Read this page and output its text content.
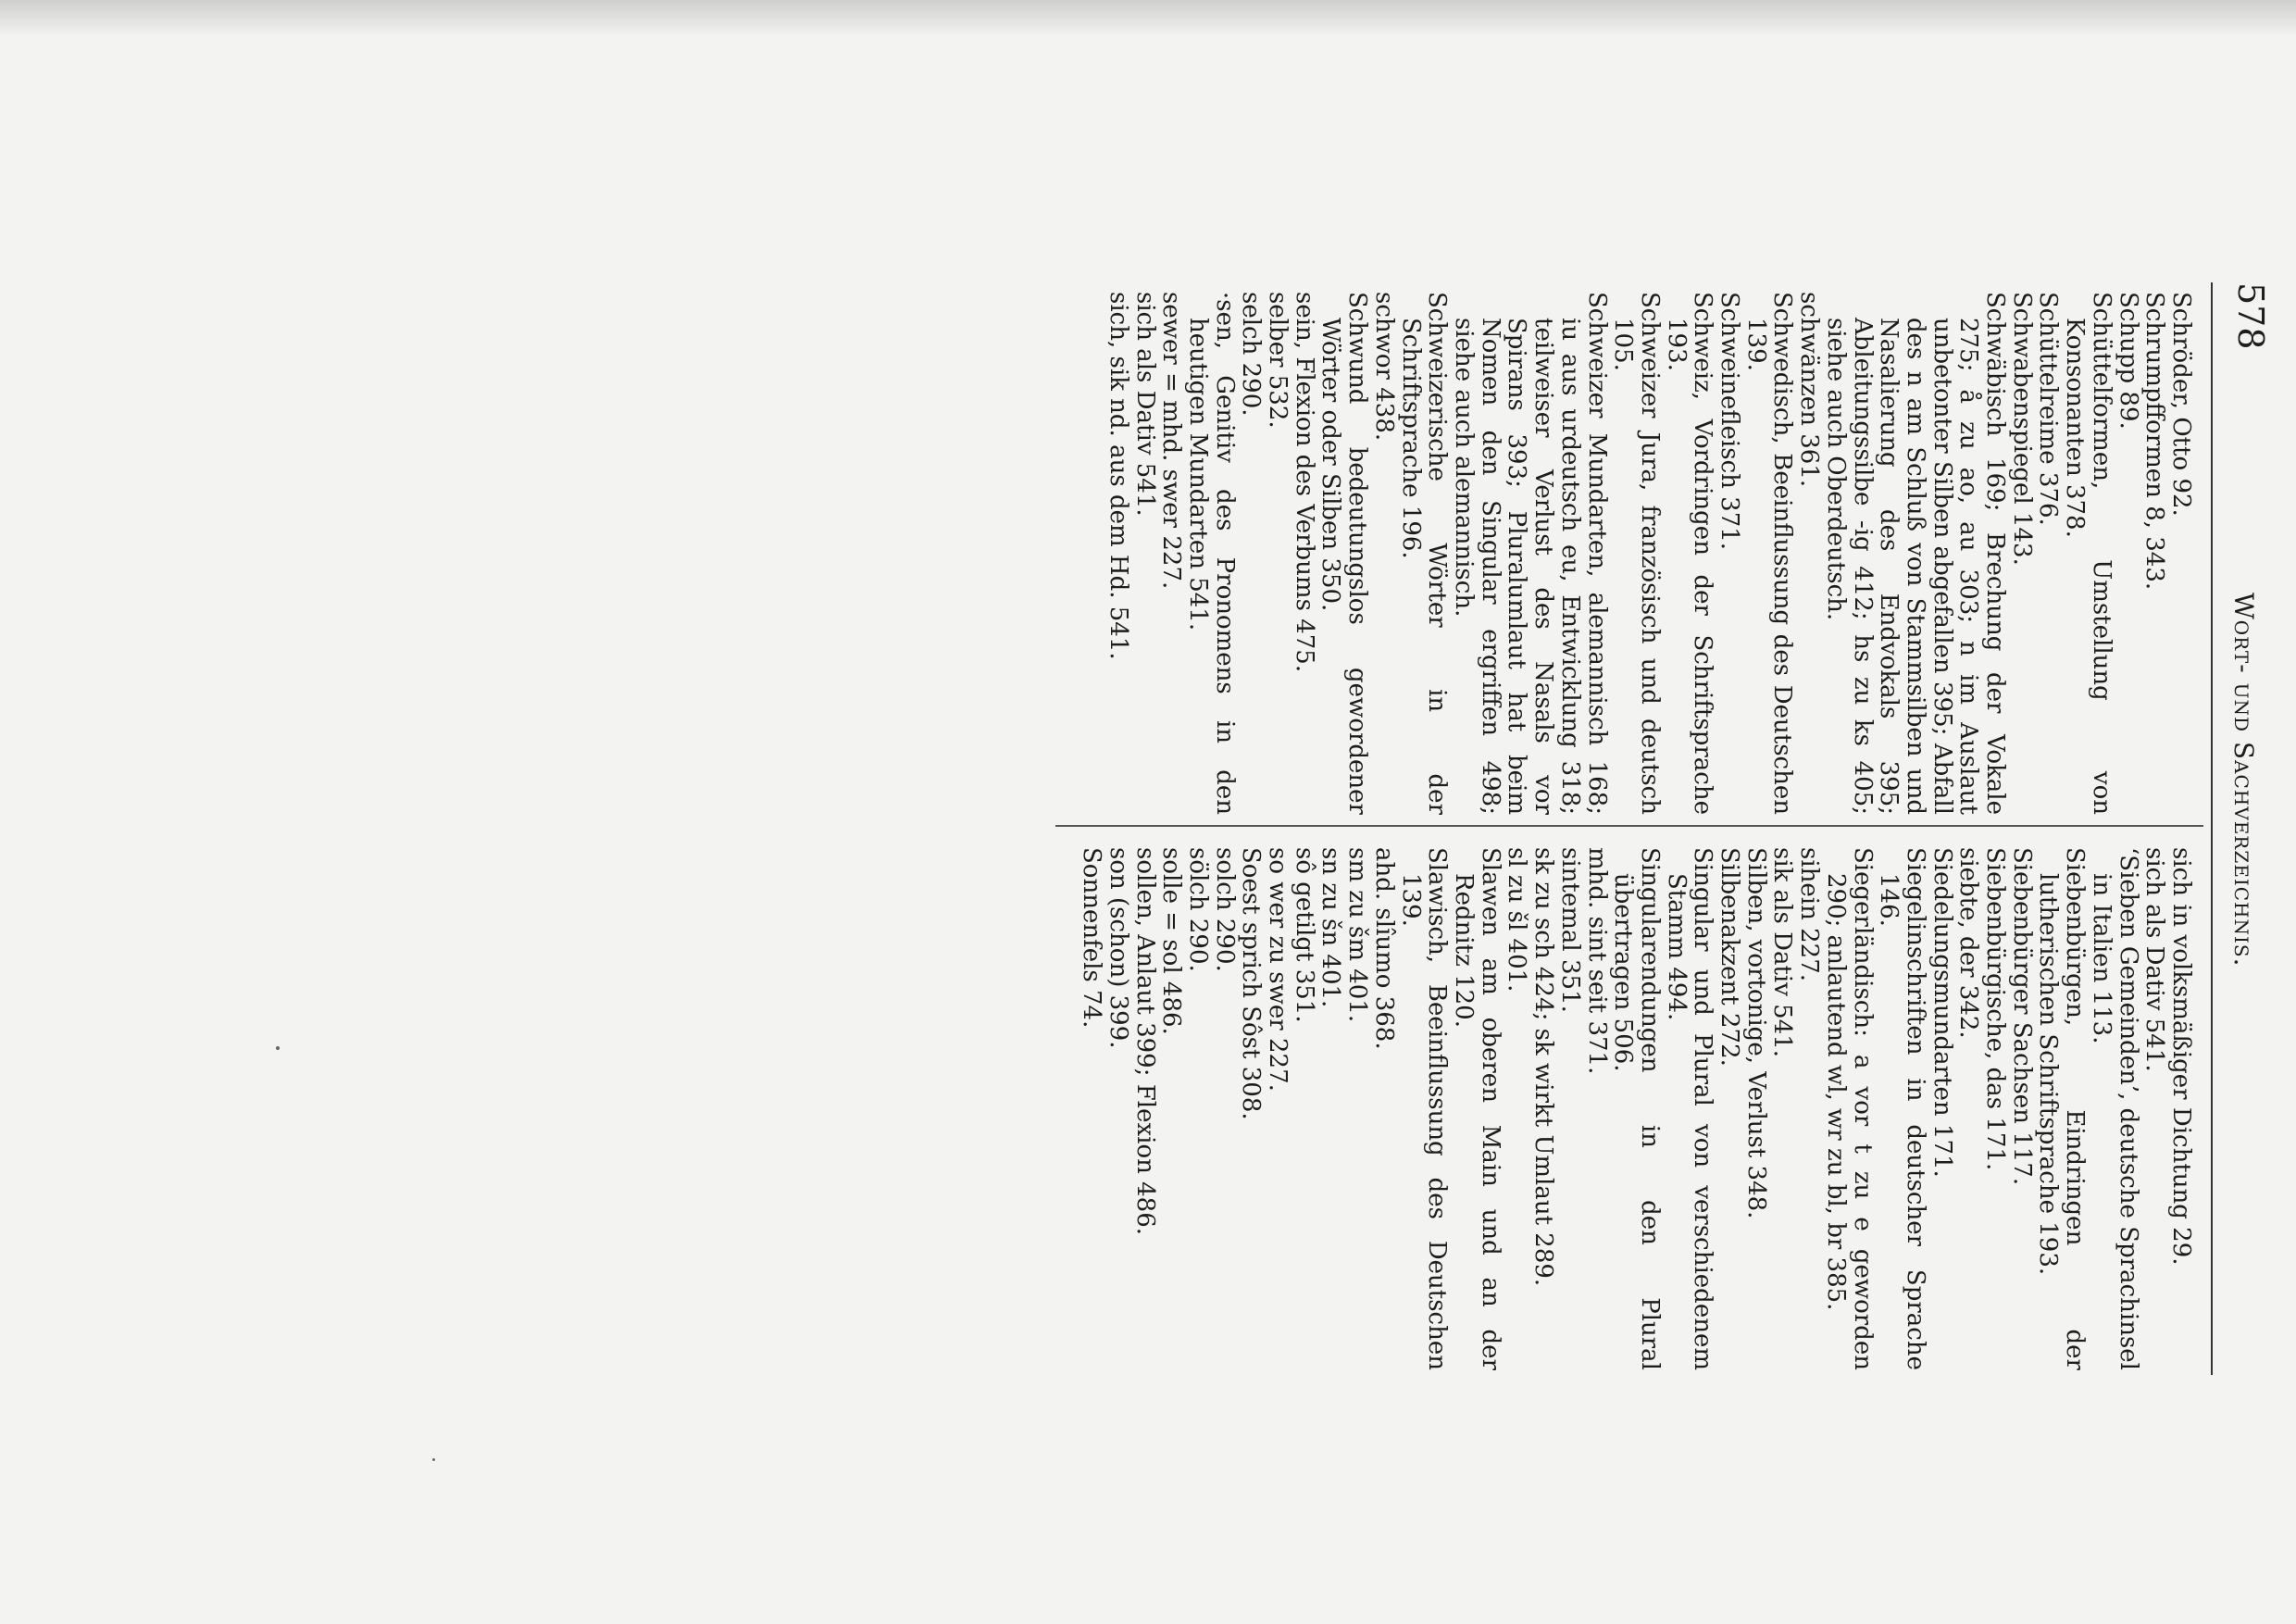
578
Wort- und Sachverzeichnis.

Schröder, Otto 92.

Schrumpfformen 8, 343.

Schupp 89.

Schüttelformen, Umstellung von Konsonanten 378.

Schüttelreime 376.

Schwabenspiegel 143.

Schwäbisch 169; Brechung der Vokale 275; å zu ao, au 303; n im Auslaut unbetonter Silben abgefallen 395; Abfall des n am Schluß von Stammsilben und Nasalierung des Endvokals 395; Ableitungssilbe -ig 412; hs zu ks 405; siehe auch Oberdeutsch.

schwänzen 361.

Schwedisch, Beeinflussung des Deutschen 139.

Schweinefleisch 371.

Schweiz, Vordringen der Schriftsprache 193.

Schweizer Jura, französisch und deutsch 105.

Schweizer Mundarten, alemannisch 168; iu aus urdeutsch eu, Entwicklung 318; teilweiser Verlust des Nasals vor Spirans 393; Pluralumlaut hat beim Nomen den Singular ergriffen 498; siehe auch alemannisch.

Schweizerische Wörter in der Schriftsprache 196.

schwor 438.

Schwund bedeutungslos gewordener Wörter oder Silben 350.

sein, Flexion des Verbums 475.

selber 532.

selch 290.

·sen, Genitiv des Pronomens in den heutigen Mundarten 541.

sewer = mhd. swer 227.

sich als Dativ 541.

sich, sik nd. aus dem Hd. 541.

sich in volksmäßiger Dichtung 29.

sich als Dativ 541.

‘Sieben Gemeinden’, deutsche Sprachinsel in Italien 113.

Siebenbürgen, Eindringen der lutherischen Schriftsprache 193.

Siebenbürger Sachsen 117.

Siebenbürgische, das 171.

siebte, der 342.

Siedelungsmundarten 171.

Siegelinschriften in deutscher Sprache 146.

Siegerländisch: a vor t zu e geworden 290; anlautend wl, wr zu bl, br 385.

sihein 227.

sik als Dativ 541.

Silben, vortonige, Verlust 348.

Silbenakzent 272.

Singular und Plural von verschiedenem Stamm 494.

Singularendungen in den Plural übertragen 506.

mhd. sint seit 371.

sintemal 351.

sk zu sch 424; sk wirkt Umlaut 289.

sl zu šl 401.

Slawen am oberen Main und an der Rednitz 120.

Slawisch, Beeinflussung des Deutschen 139.

ahd. slîumo 368.

sm zu šm 401.

sn zu šn 401.

sô getilgt 351.

so wer zu swer 227.

Soest sprich Sôst 308.

solch 290.

sölch 290.

solle = sol 486.

sollen, Anlaut 399; Flexion 486.

son (schon) 399.

Sonnenfels 74.
